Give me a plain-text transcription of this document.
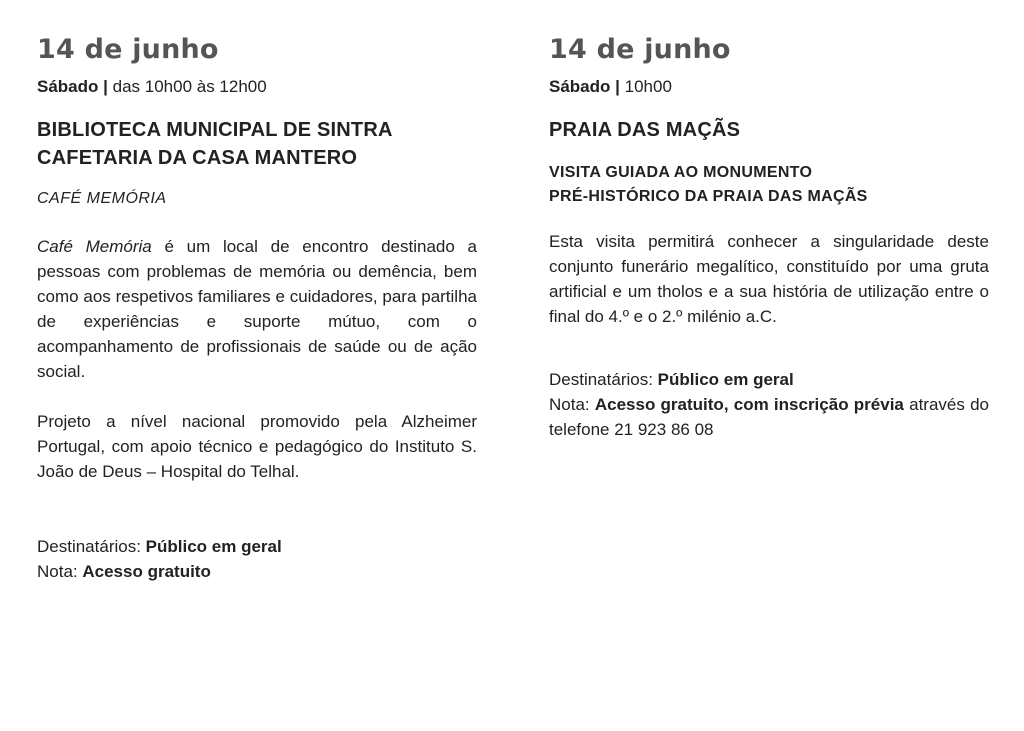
14 de junho
Sábado | das 10h00 às 12h00
BIBLIOTECA MUNICIPAL DE SINTRA
CAFETARIA DA CASA MANTERO
CAFÉ MEMÓRIA

Café Memória é um local de encontro destinado a pessoas com problemas de memória ou demência, bem como aos respetivos familiares e cuidadores, para partilha de experiências e suporte mútuo, com o acompanhamento de profissionais de saúde ou de ação social.

Projeto a nível nacional promovido pela Alzheimer Portugal, com apoio técnico e pedagógico do Instituto S. João de Deus – Hospital do Telhal.

Destinatários: Público em geral
Nota: Acesso gratuito
14 de junho
Sábado | 10h00
PRAIA DAS MAÇÃS
VISITA GUIADA AO MONUMENTO
PRÉ-HISTÓRICO DA PRAIA DAS MAÇÃS

Esta visita permitirá conhecer a singularidade deste conjunto funerário megalítico, constituído por uma gruta artificial e um tholos e a sua história de utilização entre o final do 4.º e o 2.º milénio a.C.

Destinatários: Público em geral
Nota: Acesso gratuito, com inscrição prévia através do telefone 21 923 86 08
